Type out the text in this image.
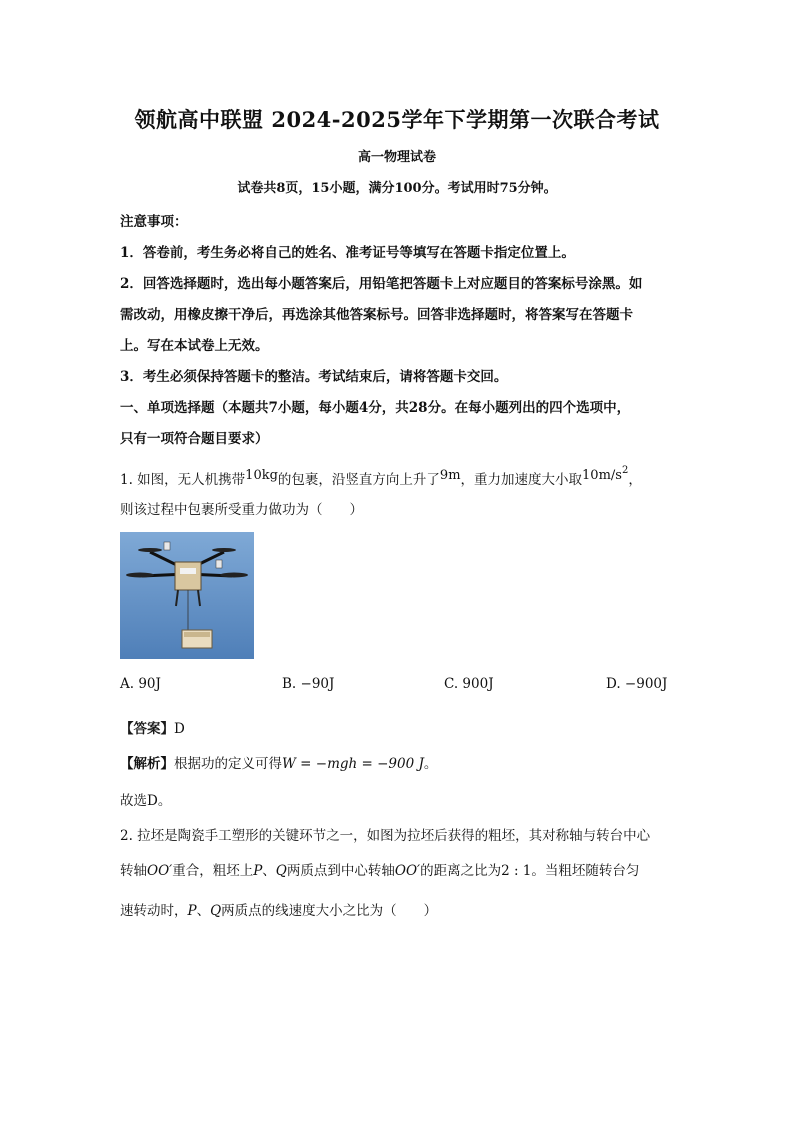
领航高中联盟 2024-2025学年下学期第一次联合考试
高一物理试卷
试卷共8页，15小题，满分100分。考试用时75分钟。
注意事项：
1．答卷前，考生务必将自己的姓名、准考证号等填写在答题卡指定位置上。
2．回答选择题时，选出每小题答案后，用铅笔把答题卡上对应题目的答案标号涂黑。如
需改动，用橡皮擦干净后，再选涂其他答案标号。回答非选择题时，将答案写在答题卡
上。写在本试卷上无效。
3．考生必须保持答题卡的整洁。考试结束后，请将答题卡交回。
一、单项选择题（本题共7小题，每小题4分，共28分。在每小题列出的四个选项中，
只有一项符合题目要求）
1. 如图，无人机携带10kg的包裹，沿竖直方向上升了9m，重力加速度大小取$10m/s^2$，
则该过程中包裹所受重力做功为（　　）
A. 90J	B. −90J	C. 900J	D. −900J
【答案】D
【解析】根据功的定义可得W = −mgh = −900 J。
故选D。
2. 拉坯是陶瓷手工塑形的关键环节之一，如图为拉坯后获得的粗坯，其对称轴与转台中心
转轴OO′重合，粗坯上P、Q两质点到中心转轴OO′的距离之比为2 : 1。当粗坯随转台匀
速转动时，P、Q两质点的线速度大小之比为（　　）
